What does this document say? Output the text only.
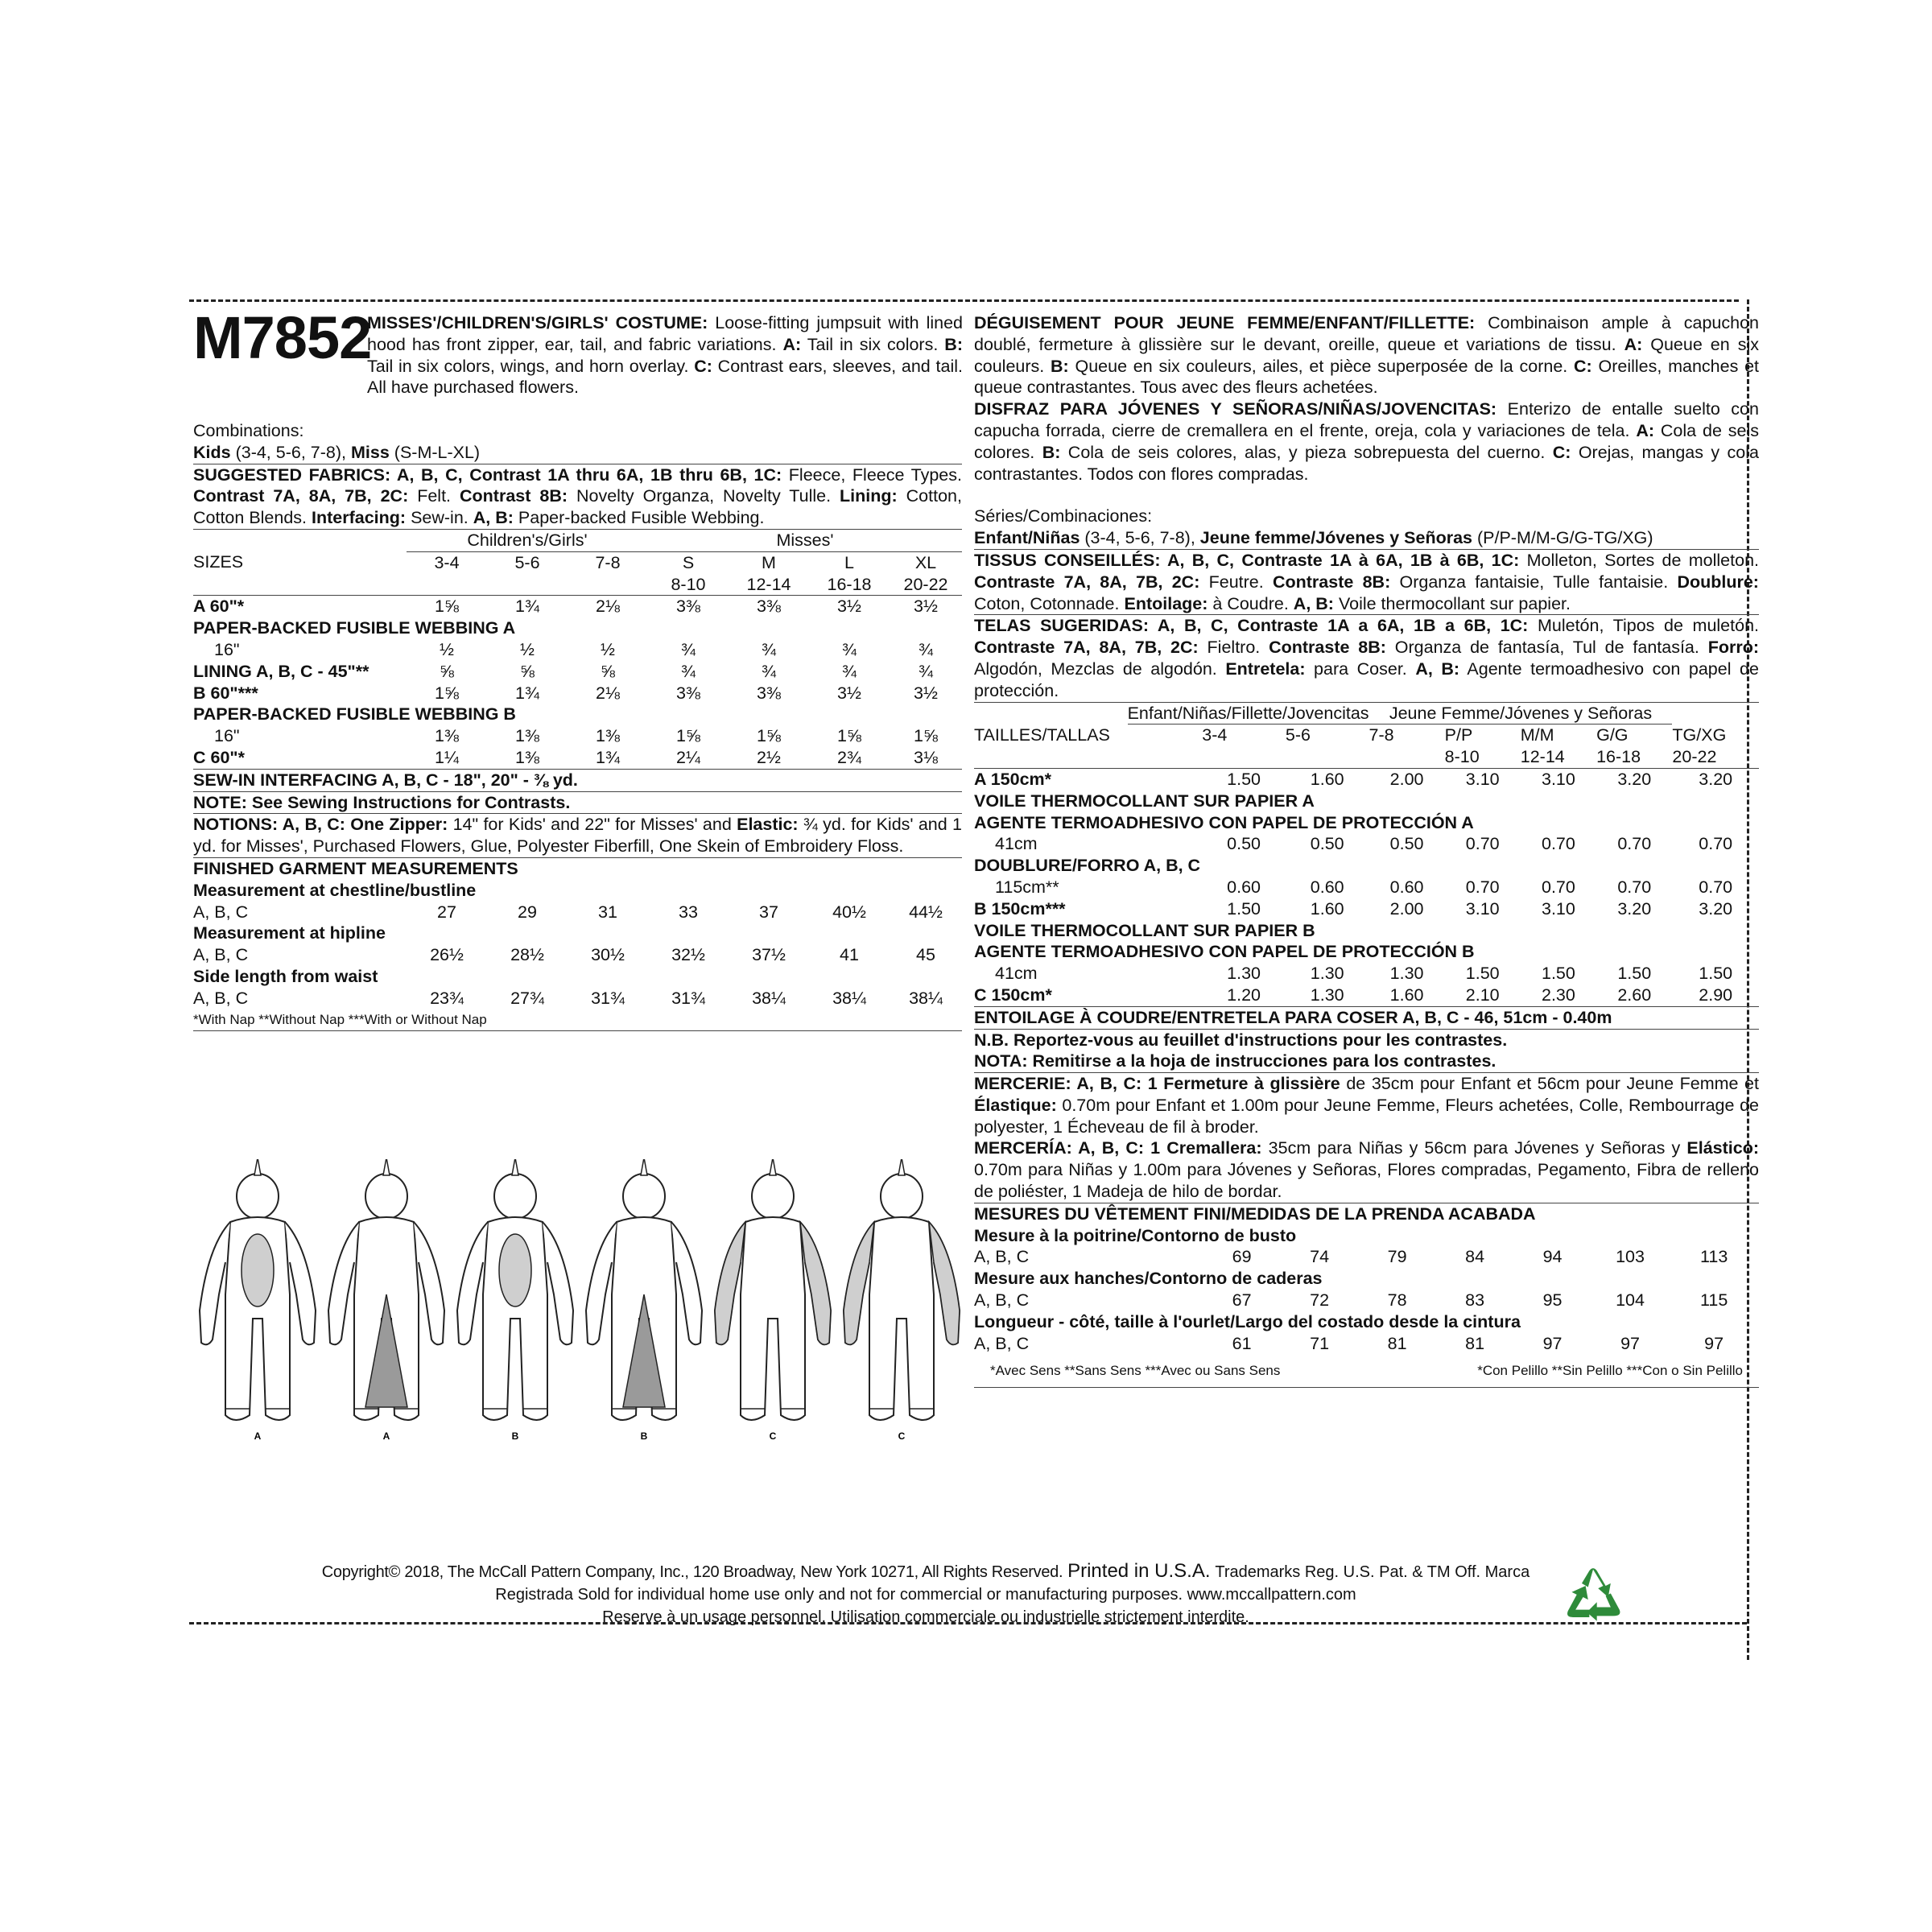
M7852
MISSES'/CHILDREN'S/GIRLS' COSTUME: Loose-fitting jumpsuit with lined hood has front zipper, ear, tail, and fabric variations. A: Tail in six colors. B: Tail in six colors, wings, and horn overlay. C: Contrast ears, sleeves, and tail. All have purchased flowers.

Combinations:

Kids (3-4, 5-6, 7-8), Miss (S-M-L-XL)

SUGGESTED FABRICS: A, B, C, Contrast 1A thru 6A, 1B thru 6B, 1C: Fleece, Fleece Types. Contrast 7A, 8A, 7B, 2C: Felt. Contrast 8B: Novelty Organza, Novelty Tulle. Lining: Cotton, Cotton Blends. Interfacing: Sew-in. A, B: Paper-backed Fusible Webbing.

	Children's/Girls'			Misses'			
SIZES	3-4	5-6	7-8	S	M	L	XL
				8-10	12-14	16-18	20-22
A 60"*	1⅝	1¾	2⅛	3⅜	3⅜	3½	3½
PAPER-BACKED FUSIBLE WEBBING A							
16"	½	½	½	¾	¾	¾	¾
LINING A, B, C - 45"**	⅝	⅝	⅝	¾	¾	¾	¾
B 60"***	1⅝	1¾	2⅛	3⅜	3⅜	3½	3½
PAPER-BACKED FUSIBLE WEBBING B							
16"	1⅜	1⅜	1⅜	1⅝	1⅝	1⅝	1⅝
C 60"*	1¼	1⅜	1¾	2¼	2½	2¾	3⅛

SEW-IN INTERFACING A, B, C - 18", 20" - ⅜ yd.

NOTE: See Sewing Instructions for Contrasts.

NOTIONS: A, B, C: One Zipper: 14" for Kids' and 22" for Misses' and Elastic: ¾ yd. for Kids' and 1 yd. for Misses', Purchased Flowers, Glue, Polyester Fiberfill, One Skein of Embroidery Floss.

FINISHED GARMENT MEASUREMENTS

Measurement at chestline/bustline							
A, B, C	27	29	31	33	37	40½	44½
Measurement at hipline							
A, B, C	26½	28½	30½	32½	37½	41	45
Side length from waist							
A, B, C	23¾	27¾	31¾	31¾	38¼	38¼	38¼

*With Nap **Without Nap ***With or Without Nap

DÉGUISEMENT POUR JEUNE FEMME/ENFANT/FILLETTE: Combinaison ample à capuchon doublé, fermeture à glissière sur le devant, oreille, queue et variations de tissu. A: Queue en six couleurs. B: Queue en six couleurs, ailes, et pièce superposée de la corne. C: Oreilles, manches et queue contrastantes. Tous avec des fleurs achetées.

DISFRAZ PARA JÓVENES Y SEÑORAS/NIÑAS/JOVENCITAS: Enterizo de entalle suelto con capucha forrada, cierre de cremallera en el frente, oreja, cola y variaciones de tela. A: Cola de seis colores. B: Cola de seis colores, alas, y pieza sobrepuesta del cuerno. C: Orejas, mangas y cola contrastantes. Todos con flores compradas.

Séries/Combinaciones:

Enfant/Niñas (3-4, 5-6, 7-8), Jeune femme/Jóvenes y Señoras (P/P-M/M-G/G-TG/XG)

TISSUS CONSEILLÉS: A, B, C, Contraste 1A à 6A, 1B à 6B, 1C: Molleton, Sortes de molleton. Contraste 7A, 8A, 7B, 2C: Feutre. Contraste 8B: Organza fantaisie, Tulle fantaisie. Doublure: Coton, Cotonnade. Entoilage: à Coudre. A, B: Voile thermocollant sur papier.

TELAS SUGERIDAS: A, B, C, Contraste 1A a 6A, 1B a 6B, 1C: Muletón, Tipos de muletón. Contraste 7A, 8A, 7B, 2C: Fieltro. Contraste 8B: Organza de fantasía, Tul de fantasía. Forro: Algodón, Mezclas de algodón. Entretela: para Coser. A, B: Agente termoadhesivo con papel de protección.

	Enfant/Niñas/Fillette/Jovencitas			Jeune Femme/Jóvenes y Señoras				
TAILLES/TALLAS		3-4	5-6	7-8	P/P	M/M	G/G	TG/XG
					8-10	12-14	16-18	20-22
A 150cm*		1.50	1.60	2.00	3.10	3.10	3.20	3.20
VOILE THERMOCOLLANT SUR PAPIER A								
AGENTE TERMOADHESIVO CON PAPEL DE PROTECCIÓN A								
41cm		0.50	0.50	0.50	0.70	0.70	0.70	0.70
DOUBLURE/FORRO A, B, C								
115cm**		0.60	0.60	0.60	0.70	0.70	0.70	0.70
B 150cm***		1.50	1.60	2.00	3.10	3.10	3.20	3.20
VOILE THERMOCOLLANT SUR PAPIER B								
AGENTE TERMOADHESIVO CON PAPEL DE PROTECCIÓN B								
41cm		1.30	1.30	1.30	1.50	1.50	1.50	1.50
C 150cm*		1.20	1.30	1.60	2.10	2.30	2.60	2.90

ENTOILAGE À COUDRE/ENTRETELA PARA COSER A, B, C - 46, 51cm - 0.40m

N.B. Reportez-vous au feuillet d'instructions pour les contrastes.

NOTA: Remitirse a la hoja de instrucciones para los contrastes.

MERCERIE: A, B, C: 1 Fermeture à glissière de 35cm pour Enfant et 56cm pour Jeune Femme et Élastique: 0.70m pour Enfant et 1.00m pour Jeune Femme, Fleurs achetées, Colle, Rembourrage de polyester, 1 Écheveau de fil à broder.

MERCERÍA: A, B, C: 1 Cremallera: 35cm para Niñas y 56cm para Jóvenes y Señoras y Elástico: 0.70m para Niñas y 1.00m para Jóvenes y Señoras, Flores compradas, Pegamento, Fibra de relleno de poliéster, 1 Madeja de hilo de bordar.

MESURES DU VÊTEMENT FINI/MEDIDAS DE LA PRENDA ACABADA

Mesure à la poitrine/Contorno de busto							
A, B, C	69	74	79	84	94	103	113
Mesure aux hanches/Contorno de caderas							
A, B, C	67	72	78	83	95	104	115
Longueur - côté, taille à l'ourlet/Largo del costado desde la cintura							
A, B, C	61	71	81	81	97	97	97
*Avec Sens **Sans Sens ***Avec ou Sans Sens	*Con Pelillo **Sin Pelillo ***Con o Sin Pelillo
A	A	B	B	C	C
Copyright© 2018, The McCall Pattern Company, Inc., 120 Broadway, New York 10271, All Rights Reserved. Printed in U.S.A. Trademarks Reg. U.S. Pat. & TM Off. Marca
Registrada Sold for individual home use only and not for commercial or manufacturing purposes. www.mccallpattern.com
Reserve à un usage personnel. Utilisation commerciale ou industrielle strictement interdite.
